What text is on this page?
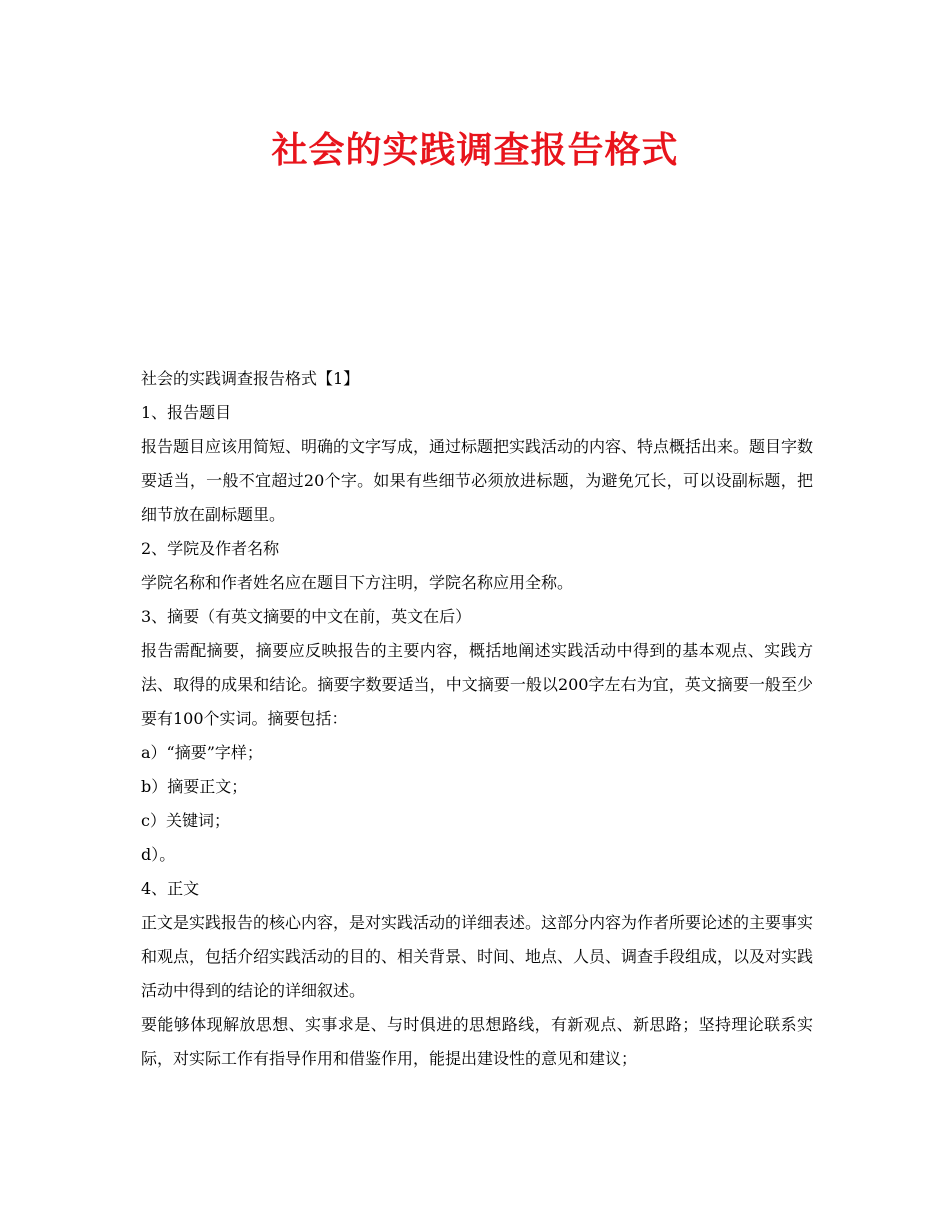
社会的实践调查报告格式

社会的实践调查报告格式【1】

1、报告题目

报告题目应该用简短、明确的文字写成，通过标题把实践活动的内容、特点概括出来。题目字数要适当，一般不宜超过20个字。如果有些细节必须放进标题，为避免冗长，可以设副标题，把细节放在副标题里。

2、学院及作者名称

学院名称和作者姓名应在题目下方注明，学院名称应用全称。

3、摘要（有英文摘要的中文在前，英文在后）

报告需配摘要，摘要应反映报告的主要内容，概括地阐述实践活动中得到的基本观点、实践方法、取得的成果和结论。摘要字数要适当，中文摘要一般以200字左右为宜，英文摘要一般至少要有100个实词。摘要包括：

a）“摘要”字样；

b）摘要正文；

c）关键词；

d）。

4、正文

正文是实践报告的核心内容，是对实践活动的详细表述。这部分内容为作者所要论述的主要事实和观点，包括介绍实践活动的目的、相关背景、时间、地点、人员、调查手段组成，以及对实践活动中得到的结论的详细叙述。

要能够体现解放思想、实事求是、与时俱进的思想路线，有新观点、新思路；坚持理论联系实际，对实际工作有指导作用和借鉴作用，能提出建设性的意见和建议；
